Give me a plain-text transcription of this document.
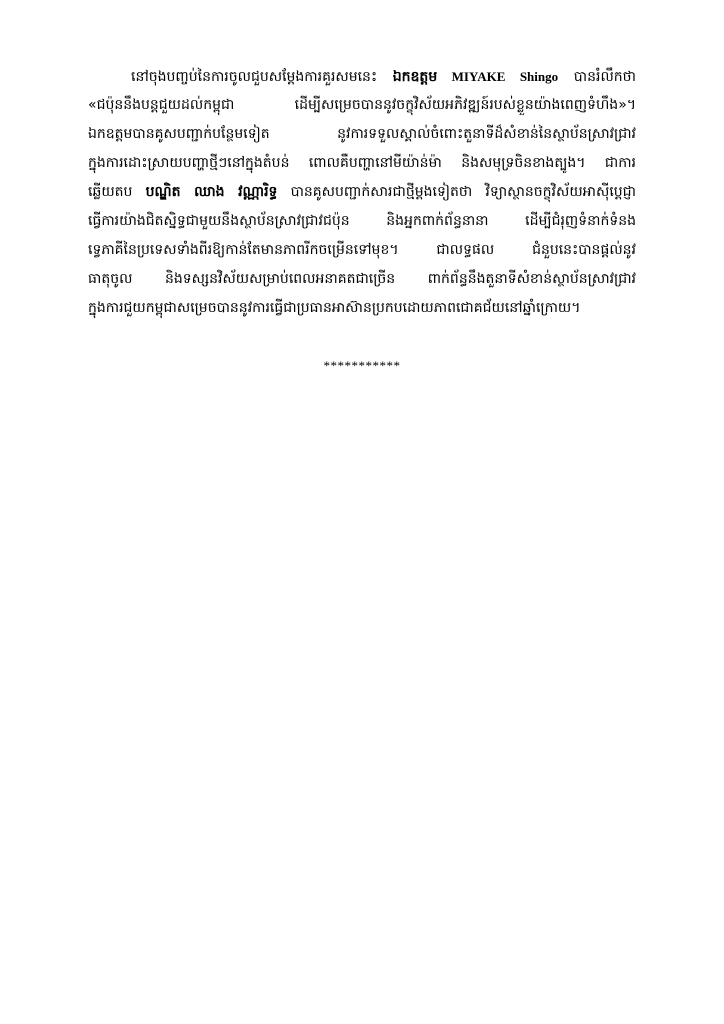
នៅចុងបញ្ចប់នៃការចូលជួបសម្តែងការគួរសមនេះ ឯកឧត្តម MIYAKE Shingo បានរំលឹកថា
«ជប៉ុននឹងបន្តជួយដល់កម្ពុជា ដើម្បីសម្រេចបាននូវចក្ខុវិស័យអភិវឌ្ឍន៍របស់ខ្លួនយ៉ាងពេញទំហឹង»។
ឯកឧត្តមបានគូសបញ្ជាក់បន្ថែមទៀត នូវការទទួលស្គាល់ចំពោះតួនាទីដ៏សំខាន់នៃស្ថាប័នស្រាវជ្រាវ
ក្នុងការដោះស្រាយបញ្ហាថ្មីៗនៅក្នុងតំបន់ ពោលគឺបញ្ហានៅមីយ៉ាន់ម៉ា និងសមុទ្រចិនខាងត្បូង។ ជាការ
ឆ្លើយតប បណ្ឌិត ឈាង វណ្ណារិទ្ធ បានគូសបញ្ជាក់សារជាថ្មីម្តងទៀតថា វិទ្យាស្ថានចក្ខុវិស័យអាស៊ីប្តេជ្ញា
ធ្វើការយ៉ាងជិតស្និទ្ធជាមួយនឹងស្ថាប័នស្រាវជ្រាវជប៉ុន និងអ្នកពាក់ព័ន្ធនានា ដើម្បីជំរុញទំនាក់ទំនង
ទ្វេភាគីនៃប្រទេសទាំងពីរឱ្យកាន់តែមានភាពរីកចម្រើនទៅមុខ។ ជាលទ្ធផល ជំនួបនេះបានផ្តល់នូវ
ធាតុចូល និងទស្សនវិស័យសម្រាប់ពេលអនាគតជាច្រើន ពាក់ព័ន្ធនឹងតួនាទីសំខាន់ស្ថាប័នស្រាវជ្រាវ
ក្នុងការជួយកម្ពុជាសម្រេចបាននូវការធ្វើជាប្រធានអាស៊ានប្រកបដោយភាពជោគជ័យនៅឆ្នាំក្រោយ។
***********
